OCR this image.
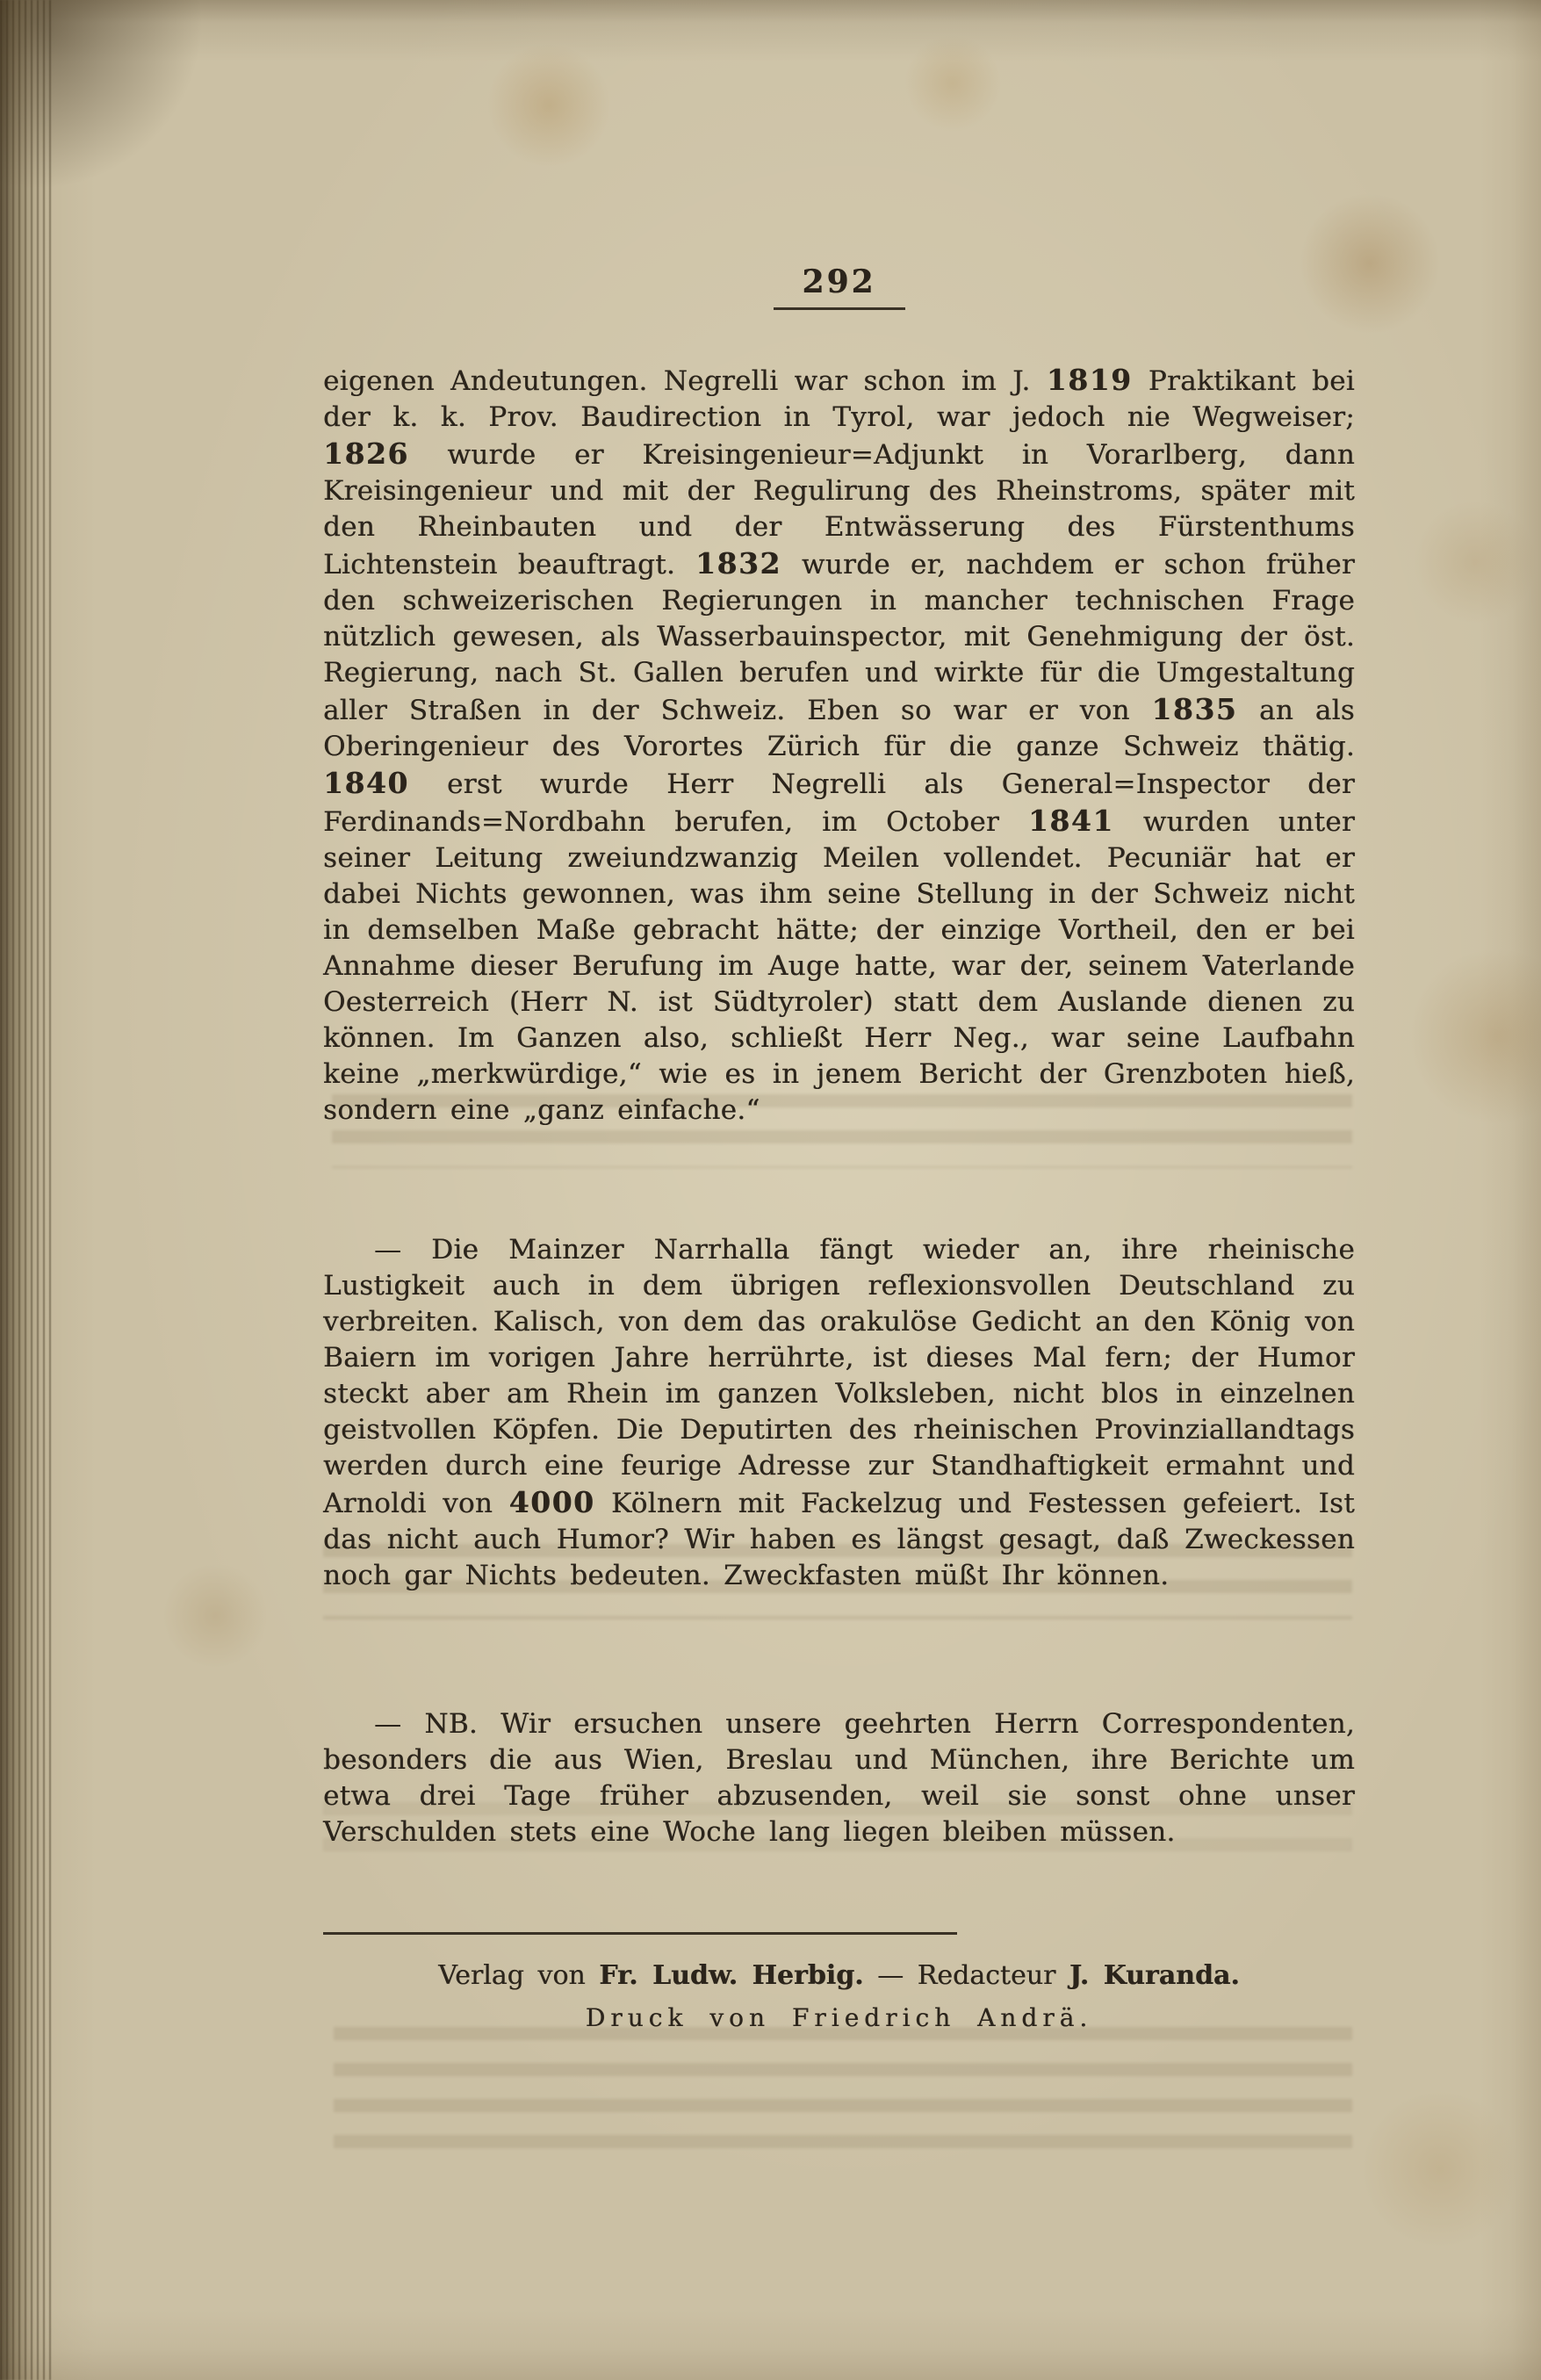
292

eigenen Andeutungen. Negrelli war schon im J. 1819 Praktikant bei der k. k. Prov. Baudirection in Tyrol, war jedoch nie Wegweiser; 1826 wurde er Kreisingenieur=Adjunkt in Vorarlberg, dann Kreisingenieur und mit der Regulirung des Rheinstroms, später mit den Rheinbauten und der Entwässerung des Fürstenthums Lichtenstein beauftragt. 1832 wurde er, nachdem er schon früher den schweizerischen Regierungen in mancher technischen Frage nützlich gewesen, als Wasserbauinspector, mit Genehmigung der öst. Regierung, nach St. Gallen berufen und wirkte für die Umgestaltung aller Straßen in der Schweiz. Eben so war er von 1835 an als Oberingenieur des Vorortes Zürich für die ganze Schweiz thätig. 1840 erst wurde Herr Negrelli als General=Inspector der Ferdinands=Nordbahn berufen, im October 1841 wurden unter seiner Leitung zweiundzwanzig Meilen vollendet. Pecuniär hat er dabei Nichts gewonnen, was ihm seine Stellung in der Schweiz nicht in demselben Maße gebracht hätte; der einzige Vortheil, den er bei Annahme dieser Berufung im Auge hatte, war der, seinem Vaterlande Oesterreich (Herr N. ist Südtyroler) statt dem Auslande dienen zu können. Im Ganzen also, schließt Herr Neg., war seine Laufbahn keine „merkwürdige,“ wie es in jenem Bericht der Grenzboten hieß, sondern eine „ganz einfache.“

— Die Mainzer Narrhalla fängt wieder an, ihre rheinische Lustigkeit auch in dem übrigen reflexionsvollen Deutschland zu verbreiten. Kalisch, von dem das orakulöse Gedicht an den König von Baiern im vorigen Jahre herrührte, ist dieses Mal fern; der Humor steckt aber am Rhein im ganzen Volksleben, nicht blos in einzelnen geistvollen Köpfen. Die Deputirten des rheinischen Provinziallandtags werden durch eine feurige Adresse zur Standhaftigkeit ermahnt und Arnoldi von 4000 Kölnern mit Fackelzug und Festessen gefeiert. Ist das nicht auch Humor? Wir haben es längst gesagt, daß Zweckessen noch gar Nichts bedeuten. Zweckfasten müßt Ihr können.

— NB. Wir ersuchen unsere geehrten Herrn Correspondenten, besonders die aus Wien, Breslau und München, ihre Berichte um etwa drei Tage früher abzusenden, weil sie sonst ohne unser Verschulden stets eine Woche lang liegen bleiben müssen.

Verlag von Fr. Ludw. Herbig. — Redacteur J. Kuranda.
Druck von Friedrich Andrä.
